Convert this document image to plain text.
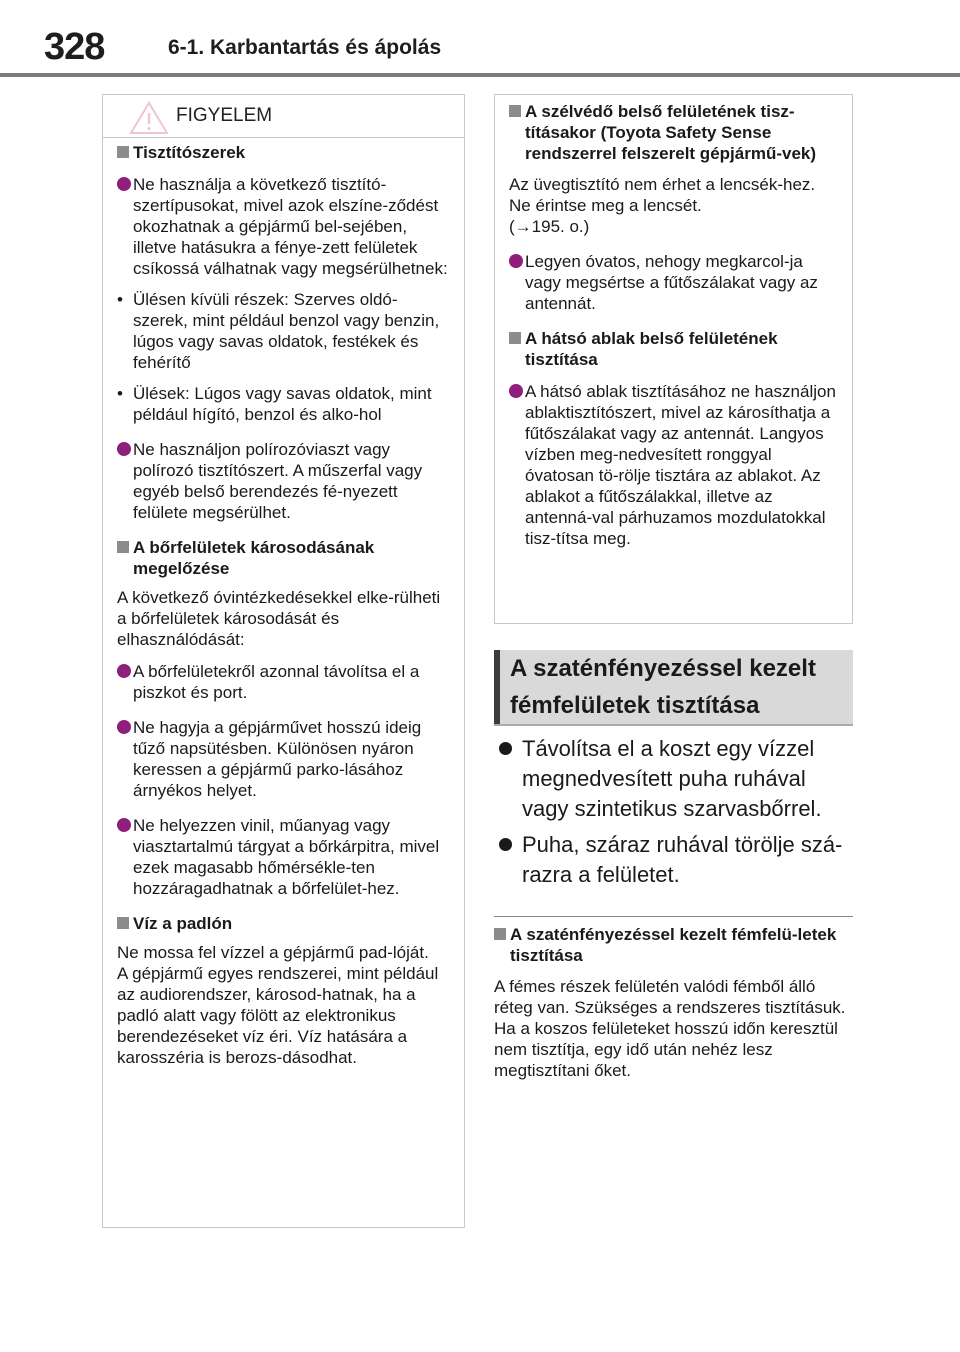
328	6-1. Karbantartás és ápolás
FIGYELEM
Tisztítószerek
Ne használja a következő tisztító-szertípusokat, mivel azok elszíne-ződést okozhatnak a gépjármű bel-sejében, illetve hatásukra a fénye-zett felületek csíkossá válhatnak vagy megsérülhetnek:
• Ülésen kívüli részek: Szerves oldó-szerek, mint például benzol vagy benzin, lúgos vagy savas oldatok, festékek és fehérítő
• Ülések: Lúgos vagy savas oldatok, mint például hígító, benzol és alko-hol
Ne használjon polírozóviaszt vagy polírozó tisztítószert. A műszerfal vagy egyéb belső berendezés fé-nyezett felülete megsérülhet.
A bőrfelületek károsodásának megelőzése
A következő óvintézkedésekkel elke-rülheti a bőrfelületek károsodását és elhasználódását:
A bőrfelületekről azonnal távolítsa el a piszkot és port.
Ne hagyja a gépjárművet hosszú ideig tűző napsütésben. Különösen nyáron keressen a gépjármű parko-lásához árnyékos helyet.
Ne helyezzen vinil, műanyag vagy viasztartalmú tárgyat a bőrkárpitra, mivel ezek magasabb hőmérsékle-ten hozzáragadhatnak a bőrfelület-hez.
Víz a padlón
Ne mossa fel vízzel a gépjármű pad-lóját.
A gépjármű egyes rendszerei, mint például az audiorendszer, károsod-hatnak, ha a padló alatt vagy fölött az elektronikus berendezéseket víz éri. Víz hatására a karosszéria is berozs-dásodhat.
A szélvédő belső felületének tisz-tításakor (Toyota Safety Sense rendszerrel felszerelt gépjármű-vek)
Az üvegtisztító nem érhet a lencsék-hez. Ne érintse meg a lencsét.
(→195. o.)
Legyen óvatos, nehogy megkarcol-ja vagy megsértse a fűtőszálakat vagy az antennát.
A hátsó ablak belső felületének tisztítása
A hátsó ablak tisztításához ne használjon ablaktisztítószert, mivel az károsíthatja a fűtőszálakat vagy az antennát. Langyos vízben meg-nedvesített ronggyal óvatosan tö-rölje tisztára az ablakot. Az ablakot a fűtőszálakkal, illetve az antenná-val párhuzamos mozdulatokkal tisz-títsa meg.
A szaténfényezéssel kezelt
fémfelületek tisztítása
Távolítsa el a koszt egy vízzel megnedvesített puha ruhával vagy szintetikus szarvasbőrrel.
Puha, száraz ruhával törölje szá-razra a felületet.
A szaténfényezéssel kezelt fémfelü-letek tisztítása
A fémes részek felületén valódi fémből álló réteg van. Szükséges a rendszeres tisztításuk. Ha a koszos felületeket hosszú időn keresztül nem tisztítja, egy idő után nehéz lesz megtisztítani őket.
